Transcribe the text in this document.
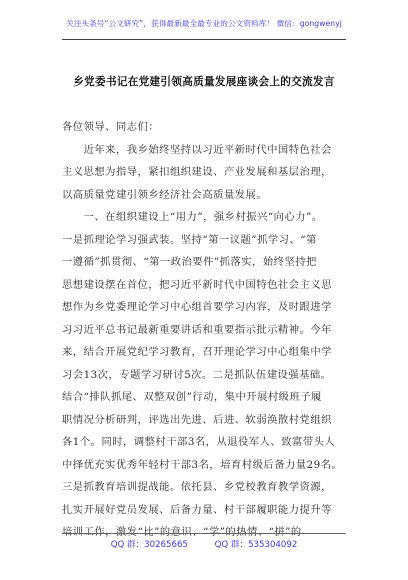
关注头条号“公文研究”，获得最新最全最专业的公文资料库！ 微信：gongwenyj
乡党委书记在党建引领高质量发展座谈会上的交流发言
各位领导、同志们：
　　近年来，我乡始终坚持以习近平新时代中国特色社会
主义思想为指导，紧扣组织建设、产业发展和基层治理，
以高质量党建引领乡经济社会高质量发展。
　　一、在组织建设上“用力”，强乡村振兴“向心力”。
一是抓理论学习强武装。坚持“第一议题”抓学习、“第
一遵循”抓贯彻、“第一政治要件”抓落实，始终坚持把
思想建设摆在首位，把习近平新时代中国特色社会主义思
想作为乡党委理论学习中心组首要学习内容，及时跟进学
习习近平总书记最新重要讲话和重要指示批示精神。今年
来，结合开展党纪学习教育，召开理论学习中心组集中学
习会13次，专题学习研讨5次。二是抓队伍建设强基础。
结合“排队抓尾、双整双创”行动，集中开展村级班子履
职情况分析研判，评选出先进、后进、软弱涣散村党组织
各1个。同时，调整村干部3名，从退役军人、致富带头人
中择优充实优秀年轻村干部3名，培育村级后备力量29名。
三是抓教育培训提战能。依托县、乡党校教育教学资源，
扎实开展好党员发展、后备力量、村干部履职能力提升等
培训工作，激发“比”的意识、“学”的热情、“拼”的
QQ 群：30265665	QQ 群：535304092
